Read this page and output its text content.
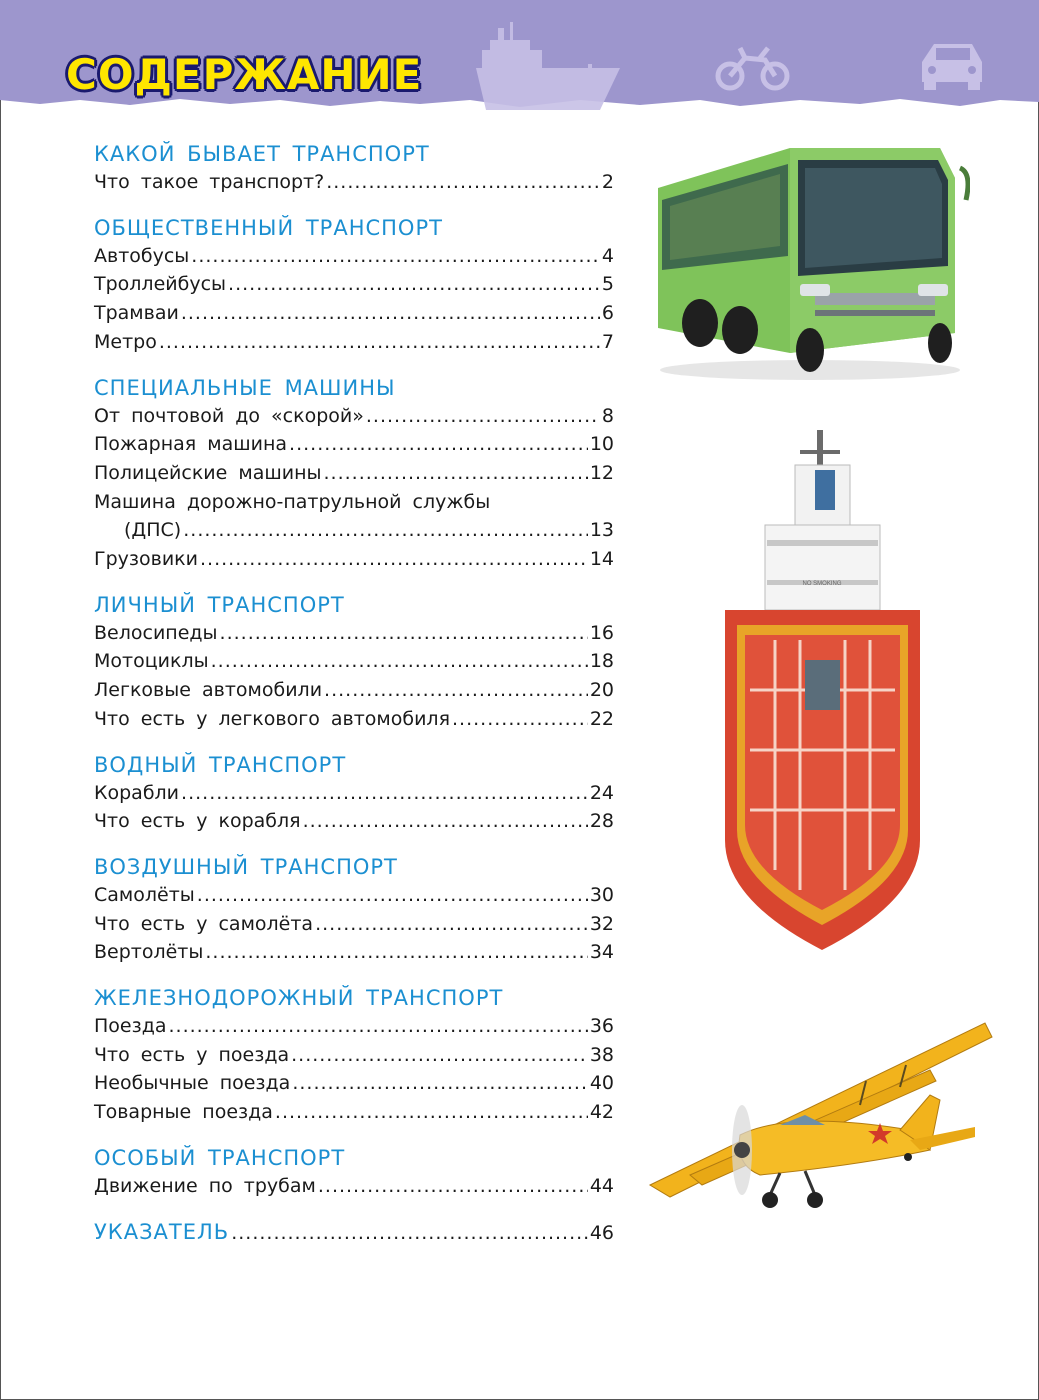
СОДЕРЖАНИЕ
КАКОЙ БЫВАЕТ ТРАНСПОРТ
Что такое транспорт? .....	2
ОБЩЕСТВЕННЫЙ ТРАНСПОРТ
Автобусы .....	4
Троллейбусы .....	5
Трамваи .....	6
Метро .....	7
СПЕЦИАЛЬНЫЕ МАШИНЫ
От почтовой до «скорой» .....	8
Пожарная машина .....	10
Полицейские машины .....	12
Машина дорожно-патрульной службы
(ДПС) .....	13
Грузовики .....	14
ЛИЧНЫЙ ТРАНСПОРТ
Велосипеды .....	16
Мотоциклы .....	18
Легковые автомобили .....	20
Что есть у легкового автомобиля .....	22
ВОДНЫЙ ТРАНСПОРТ
Корабли .....	24
Что есть у корабля .....	28
ВОЗДУШНЫЙ ТРАНСПОРТ
Самолёты .....	30
Что есть у самолёта .....	32
Вертолёты .....	34
ЖЕЛЕЗНОДОРОЖНЫЙ ТРАНСПОРТ
Поезда .....	36
Что есть у поезда .....	38
Необычные поезда .....	40
Товарные поезда .....	42
ОСОБЫЙ ТРАНСПОРТ
Движение по трубам .....	44
УКАЗАТЕЛЬ .....	46
NO SMOKING
